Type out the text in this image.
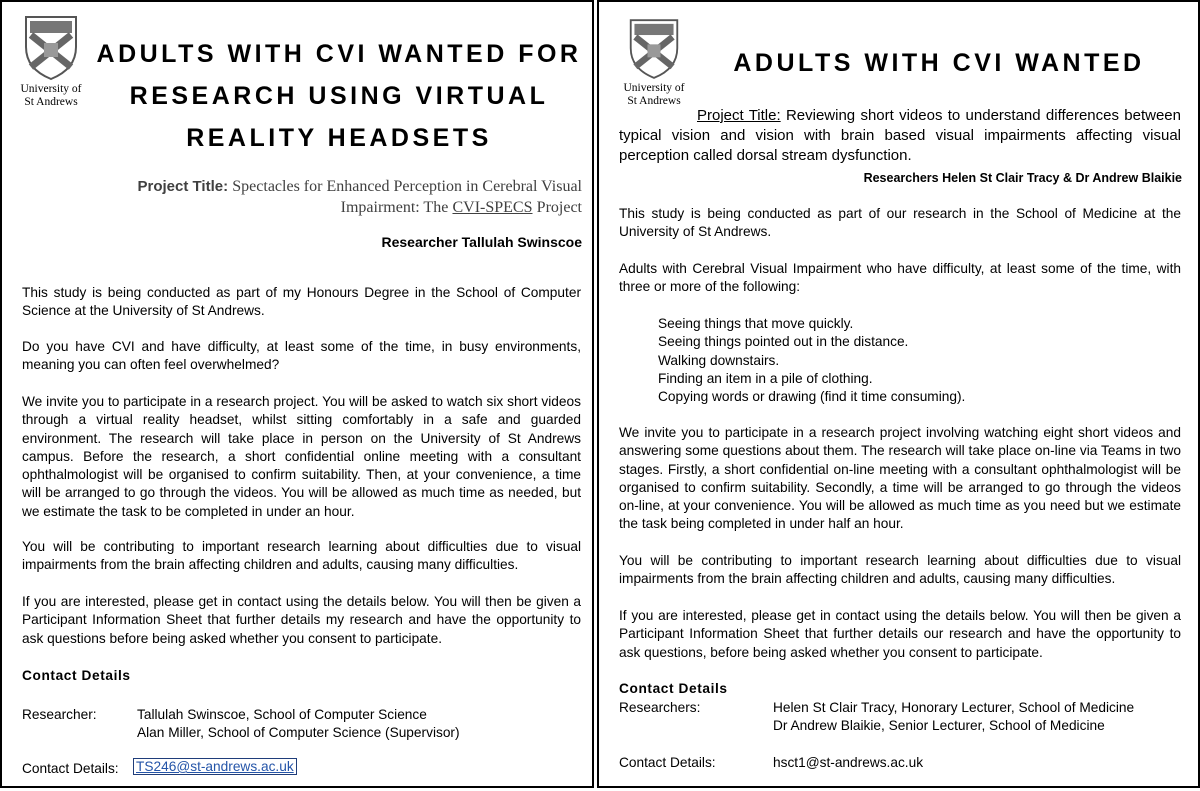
University of
St Andrews
ADULTS WITH CVI WANTED FOR
RESEARCH USING VIRTUAL
REALITY HEADSETS
Project Title: Spectacles for Enhanced Perception in Cerebral Visual
Impairment: The CVI-SPECS Project
Researcher Tallulah Swinscoe

This study is being conducted as part of my Honours Degree in the School of Computer Science at the University of St Andrews.

Do you have CVI and have difficulty, at least some of the time, in busy environments, meaning you can often feel overwhelmed?

We invite you to participate in a research project. You will be asked to watch six short videos through a virtual reality headset, whilst sitting comfortably in a safe and guarded environment. The research will take place in person on the University of St Andrews campus. Before the research, a short confidential online meeting with a consultant ophthalmologist will be organised to confirm suitability. Then, at your convenience, a time will be arranged to go through the videos. You will be allowed as much time as needed, but we estimate the task to be completed in under an hour.

You will be contributing to important research learning about difficulties due to visual impairments from the brain affecting children and adults, causing many difficulties.

If you are interested, please get in contact using the details below. You will then be given a Participant Information Sheet that further details my research and have the opportunity to ask questions before being asked whether you consent to participate.

Contact Details
Researcher:	Tallulah Swinscoe, School of Computer Science
Alan Miller, School of Computer Science (Supervisor)
Contact Details: TS246@st-andrews.ac.uk
University of
St Andrews
ADULTS WITH CVI WANTED

Project Title: Reviewing short videos to understand differences between typical vision and vision with brain based visual impairments affecting visual perception called dorsal stream dysfunction.

Researchers Helen St Clair Tracy & Dr Andrew Blaikie

This study is being conducted as part of our research in the School of Medicine at the University of St Andrews.

Adults with Cerebral Visual Impairment who have difficulty, at least some of the time, with three or more of the following:

Seeing things that move quickly.
Seeing things pointed out in the distance.
Walking downstairs.
Finding an item in a pile of clothing.
Copying words or drawing (find it time consuming).

We invite you to participate in a research project involving watching eight short videos and answering some questions about them. The research will take place on-line via Teams in two stages. Firstly, a short confidential on-line meeting with a consultant ophthalmologist will be organised to confirm suitability. Secondly, a time will be arranged to go through the videos on-line, at your convenience. You will be allowed as much time as you need but we estimate the task being completed in under half an hour.

You will be contributing to important research learning about difficulties due to visual impairments from the brain affecting children and adults, causing many difficulties.

If you are interested, please get in contact using the details below. You will then be given a Participant Information Sheet that further details our research and have the opportunity to ask questions, before being asked whether you consent to participate.

Contact Details
Researchers:	Helen St Clair Tracy, Honorary Lecturer, School of Medicine
Dr Andrew Blaikie, Senior Lecturer, School of Medicine
Contact Details:	hsct1@st-andrews.ac.uk
